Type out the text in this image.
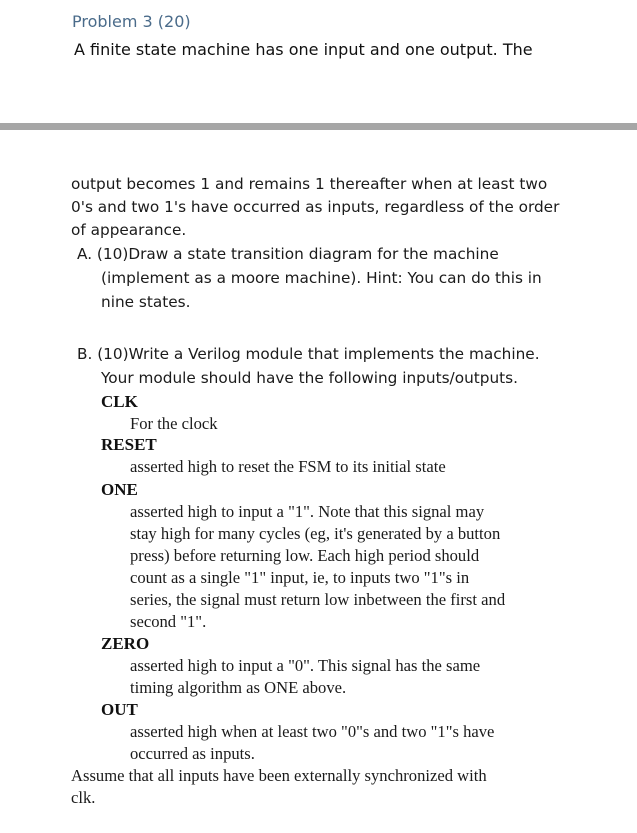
Problem 3 (20)
A finite state machine has one input and one output. The
output becomes 1 and remains 1 thereafter when at least two
0's and two 1's have occurred as inputs, regardless of the order
of appearance.
A. (10)Draw a state transition diagram for the machine
(implement as a moore machine). Hint: You can do this in
nine states.
B. (10)Write a Verilog module that implements the machine.
Your module should have the following inputs/outputs.
CLK
For the clock
RESET
asserted high to reset the FSM to its initial state
ONE
asserted high to input a "1". Note that this signal may
stay high for many cycles (eg, it's generated by a button
press) before returning low. Each high period should
count as a single "1" input, ie, to inputs two "1"s in
series, the signal must return low inbetween the first and
second "1".
ZERO
asserted high to input a "0". This signal has the same
timing algorithm as ONE above.
OUT
asserted high when at least two "0"s and two "1"s have
occurred as inputs.
Assume that all inputs have been externally synchronized with
clk.
